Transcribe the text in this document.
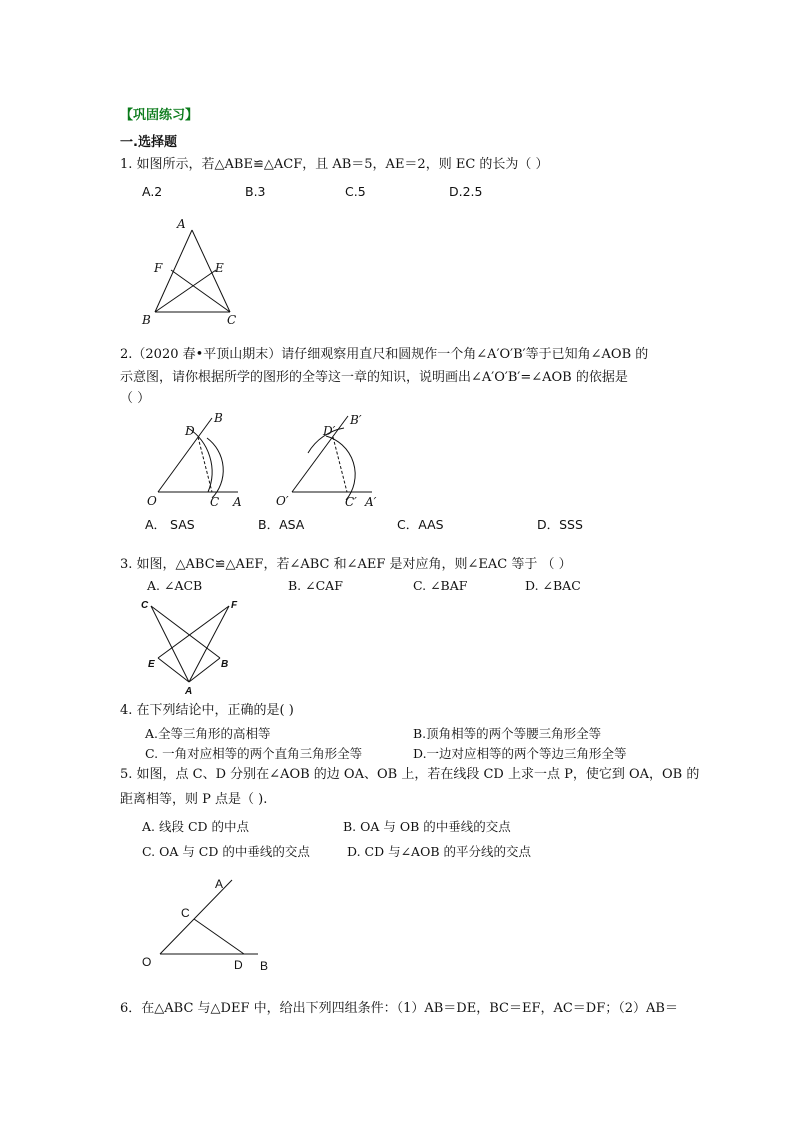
【巩固练习】
一.选择题
1. 如图所示，若△ABE≌△ACF，且 AB＝5，AE＝2，则 EC 的长为（ ）
A.2	B.3	C.5	D.2.5
A
F	E
B	C
2.（2020 春•平顶山期末）请仔细观察用直尺和圆规作一个角∠A′O′B′等于已知角∠AOB 的
示意图，请你根据所学的图形的全等这一章的知识，说明画出∠A′O′B′=∠AOB 的依据是
（ ）
B
D
O	C A
B′
D′
O′	C′ A′
A． SAS	B．ASA	C．AAS	D．SSS
3. 如图，△ABC≌△AEF，若∠ABC 和∠AEF 是对应角，则∠EAC 等于 （ ）
A. ∠ACB	B. ∠CAF	C. ∠BAF	D. ∠BAC
C	F
E	B
A
4. 在下列结论中，正确的是( )
A.全等三角形的高相等	B.顶角相等的两个等腰三角形全等
C. 一角对应相等的两个直角三角形全等	D.一边对应相等的两个等边三角形全等
5. 如图，点 C、D 分别在∠AOB 的边 OA、OB 上，若在线段 CD 上求一点 P，使它到 OA，OB 的
距离相等，则 P 点是（ ).
A. 线段 CD 的中点	B. OA 与 OB 的中垂线的交点
C. OA 与 CD 的中垂线的交点	D. CD 与∠AOB 的平分线的交点
A
C
O	D B
6．在△ABC 与△DEF 中，给出下列四组条件：（1）AB＝DE，BC＝EF，AC＝DF；（2）AB＝
